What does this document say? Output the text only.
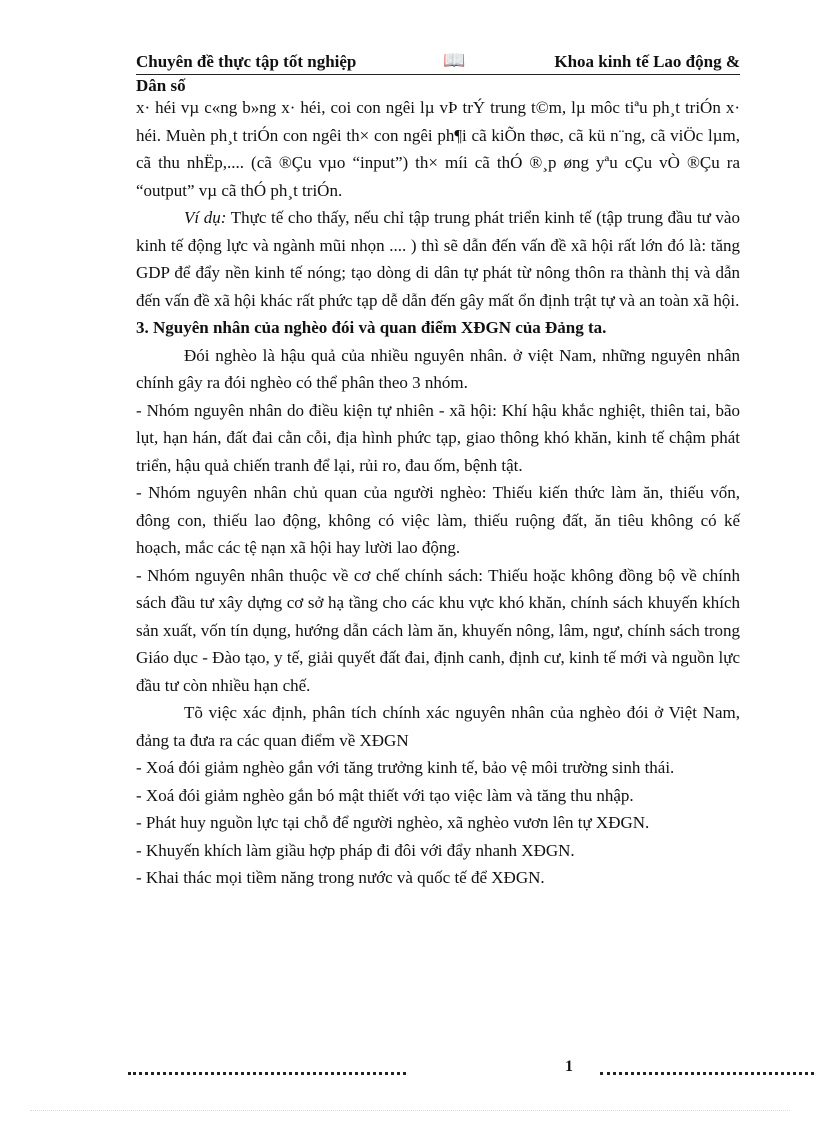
Chuyên đề thực tập tốt nghiệp	📖	Khoa kinh tế Lao động &
Dân số

x· héi vµ c«ng b»ng x· héi, coi con ngêi lµ vÞ trÝ trung t©m, lµ môc tiªu ph¸t triÓn x· héi. Muèn ph¸t triÓn con ngêi th× con ngêi ph¶i cã kiÕn thøc, cã kü n¨ng, cã viÖc lµm, cã thu nhËp,.... (cã ®Çu vµo “input”) th× míi cã thÓ ®¸p øng yªu cÇu vÒ ®Çu ra “output” vµ cã thÓ ph¸t triÓn.

Ví dụ: Thực tế cho thấy, nếu chỉ tập trung phát triển kinh tế (tập trung đầu tư vào kinh tế động lực và ngành mũi nhọn .... ) thì sẽ dẫn đến vấn đề xã hội rất lớn đó là: tăng GDP để đẩy nền kinh tế nóng; tạo dòng di dân tự phát từ nông thôn ra thành thị và dẫn đến vấn đề xã hội khác rất phức tạp dễ dẫn đến gây mất ổn định trật tự và an toàn xã hội.

3. Nguyên nhân của nghèo đói và quan điểm XĐGN của Đảng ta.

Đói nghèo là hậu quả của nhiều nguyên nhân. ở việt Nam, những nguyên nhân chính gây ra đói nghèo có thể phân theo 3 nhóm.

- Nhóm nguyên nhân do điều kiện tự nhiên - xã hội: Khí hậu khắc nghiệt, thiên tai, bão lụt, hạn hán, đất đai cằn cỗi, địa hình phức tạp, giao thông khó khăn, kinh tế chậm phát triển, hậu quả chiến tranh để lại, rủi ro, đau ốm, bệnh tật.

- Nhóm nguyên nhân chủ quan của người nghèo: Thiếu kiến thức làm ăn, thiếu vốn, đông con, thiếu lao động, không có việc làm, thiếu ruộng đất, ăn tiêu không có kế hoạch, mắc các tệ nạn xã hội hay lười lao động.

- Nhóm nguyên nhân thuộc về cơ chế chính sách: Thiếu hoặc không đồng bộ về chính sách đầu tư xây dựng cơ sở hạ tầng cho các khu vực khó khăn, chính sách khuyến khích sản xuất, vốn tín dụng, hướng dẫn cách làm ăn, khuyến nông, lâm, ngư, chính sách trong Giáo dục - Đào tạo, y tế, giải quyết đất đai, định canh, định cư, kinh tế mới và nguồn lực đầu tư còn nhiều hạn chế.

Tõ việc xác định, phân tích chính xác nguyên nhân của nghèo đói ở Việt Nam, đảng ta đưa ra các quan điểm về XĐGN

- Xoá đói giảm nghèo gắn với tăng trưởng kinh tế, bảo vệ môi trường sinh thái.

- Xoá đói giảm nghèo gắn bó mật thiết với tạo việc làm và tăng thu nhập.

- Phát huy nguồn lực tại chỗ để người nghèo, xã nghèo vươn lên tự XĐGN.

- Khuyến khích làm giầu hợp pháp đi đôi với đẩy nhanh XĐGN.

- Khai thác mọi tiềm năng trong nước và quốc tế để XĐGN.

1
